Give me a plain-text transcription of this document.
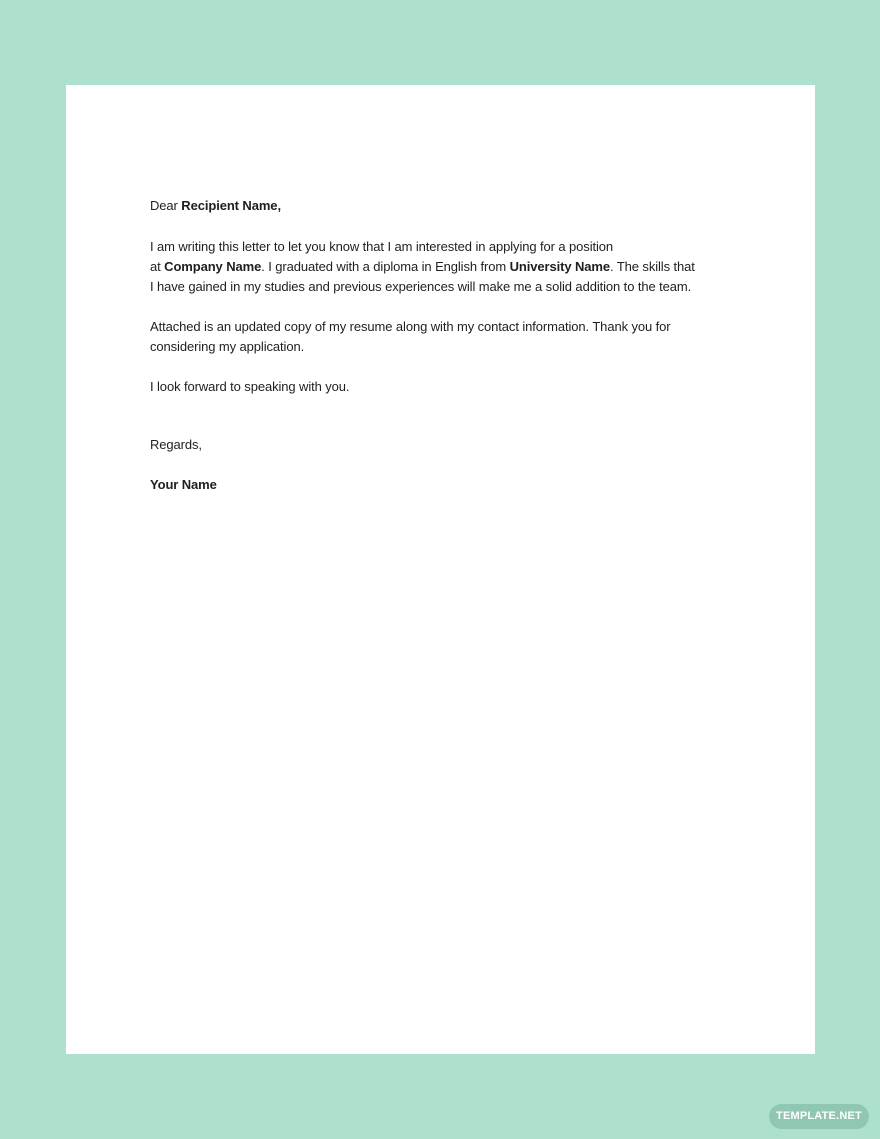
Dear Recipient Name,

I am writing this letter to let you know that I am interested in applying for a position
at Company Name. I graduated with a diploma in English from University Name. The skills that
I have gained in my studies and previous experiences will make me a solid addition to the team.

Attached is an updated copy of my resume along with my contact information. Thank you for
considering my application.

I look forward to speaking with you.

Regards,

Your Name

TEMPLATE.NET
